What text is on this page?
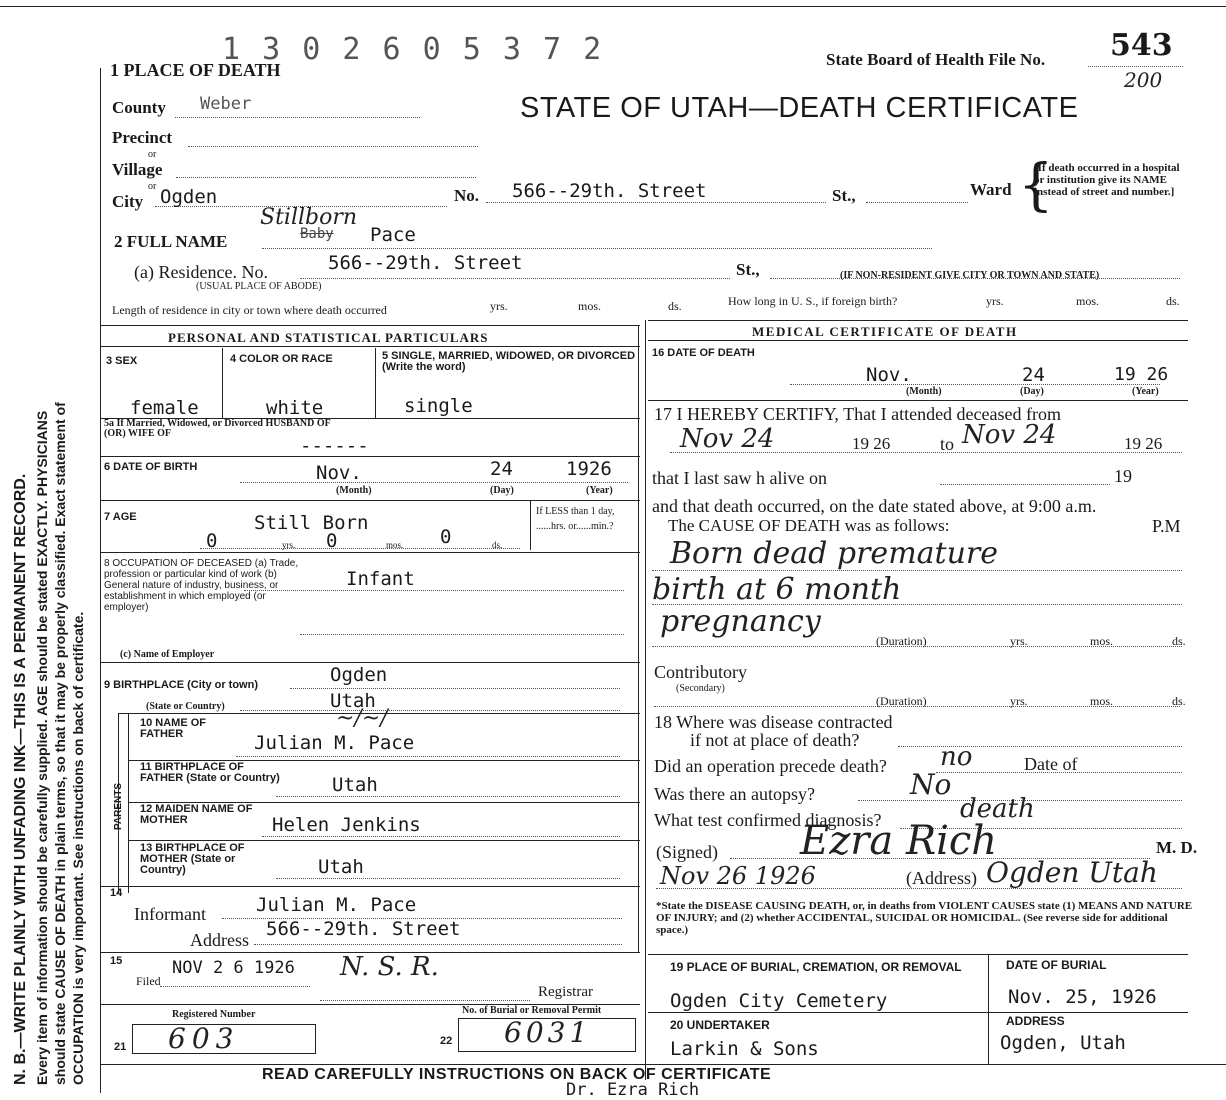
N. B.—WRITE PLAINLY WITH UNFADING INK—THIS IS A PERMANENT RECORD. Every item of information should be carefully supplied. AGE should be stated EXACTLY. PHYSICIANS should state CAUSE OF DEATH in plain terms, so that it may be properly classified. Exact statement of OCCUPATION is very important. See instructions on back of certificate.
1 3 0 2 6 0 5 3 7 2
1 PLACE OF DEATH
State Board of Health File No. 543
200
STATE OF UTAH—DEATH CERTIFICATE
County Weber
Precinct
or
Village
or
City Ogden	No. 566--29th. Street	St.,	Ward {
[If death occurred in a hospital or institution give its NAME instead of street and number.]
Stillborn
2 FULL NAME	Baby Pace
(a) Residence. No.	566--29th. Street
(USUAL PLACE OF ABODE)
St.,	(IF NON-RESIDENT GIVE CITY OR TOWN AND STATE)
Length of residence in city or town where death occurred	yrs.	mos.	ds.	How long in U. S., if foreign birth?	yrs.	mos.	ds.
PERSONAL AND STATISTICAL PARTICULARS
3 SEX	4 COLOR OR RACE	5 SINGLE, MARRIED, WIDOWED, OR DIVORCED (Write the word)
female	white	single
5a If Married, Widowed, or Divorced HUSBAND OF (OR) WIFE OF
------
6 DATE OF BIRTH	Nov.	24	1926
(Month)	(Day)	(Year)
7 AGE	Still Born
0	0	0
yrs.	mos.	ds.
If LESS than 1 day, ......hrs. or......min.?
8 OCCUPATION OF DECEASED (a) Trade, profession or particular kind of work (b) General nature of industry, business, or establishment in which employed (or employer)
Infant
(c) Name of Employer
9 BIRTHPLACE (City or town)	Ogden
(State or Country)	Utah
PARENTS
10 NAME OF FATHER
~/~/
Julian M. Pace
11 BIRTHPLACE OF FATHER (State or Country)	Utah
12 MAIDEN NAME OF MOTHER	Helen Jenkins
13 BIRTHPLACE OF MOTHER (State or Country)	Utah
14
Informant	Julian M. Pace
Address 566--29th. Street
15	NOV 2 6 1926
Filed	N. S. R.
Registrar
Registered Number	No. of Burial or Removal Permit
21 603	22 6031
MEDICAL CERTIFICATE OF DEATH
16 DATE OF DEATH
Nov.	24	19 26
(Month)	(Day)	(Year)
17 I HEREBY CERTIFY, That I attended deceased from
Nov 24	19 26	to Nov 24	19 26
that I last saw h alive on	19
and that death occurred, on the date stated above, at 9:00 a.m.
P.M
The CAUSE OF DEATH was as follows:
Born dead premature
birth at 6 month
pregnancy
(Duration)	yrs.	mos.	ds.
Contributory
(Secondary)
(Duration)	yrs.	mos.	ds.
18 Where was disease contracted
if not at place of death?
Did an operation precede death? no	Date of
Was there an autopsy?	No
What test confirmed diagnosis?	death
(Signed) Ezra Rich	M. D.
Nov 26 1926	(Address) Ogden Utah
*State the DISEASE CAUSING DEATH, or, in deaths from VIOLENT CAUSES state (1) MEANS AND NATURE OF INJURY; and (2) whether ACCIDENTAL, SUICIDAL OR HOMICIDAL. (See reverse side for additional space.)
19 PLACE OF BURIAL, CREMATION, OR REMOVAL	DATE OF BURIAL
Ogden City Cemetery	Nov. 25, 1926
20 UNDERTAKER	ADDRESS
Larkin & Sons	Ogden, Utah
READ CAREFULLY INSTRUCTIONS ON BACK OF CERTIFICATE
Dr. Ezra Rich
